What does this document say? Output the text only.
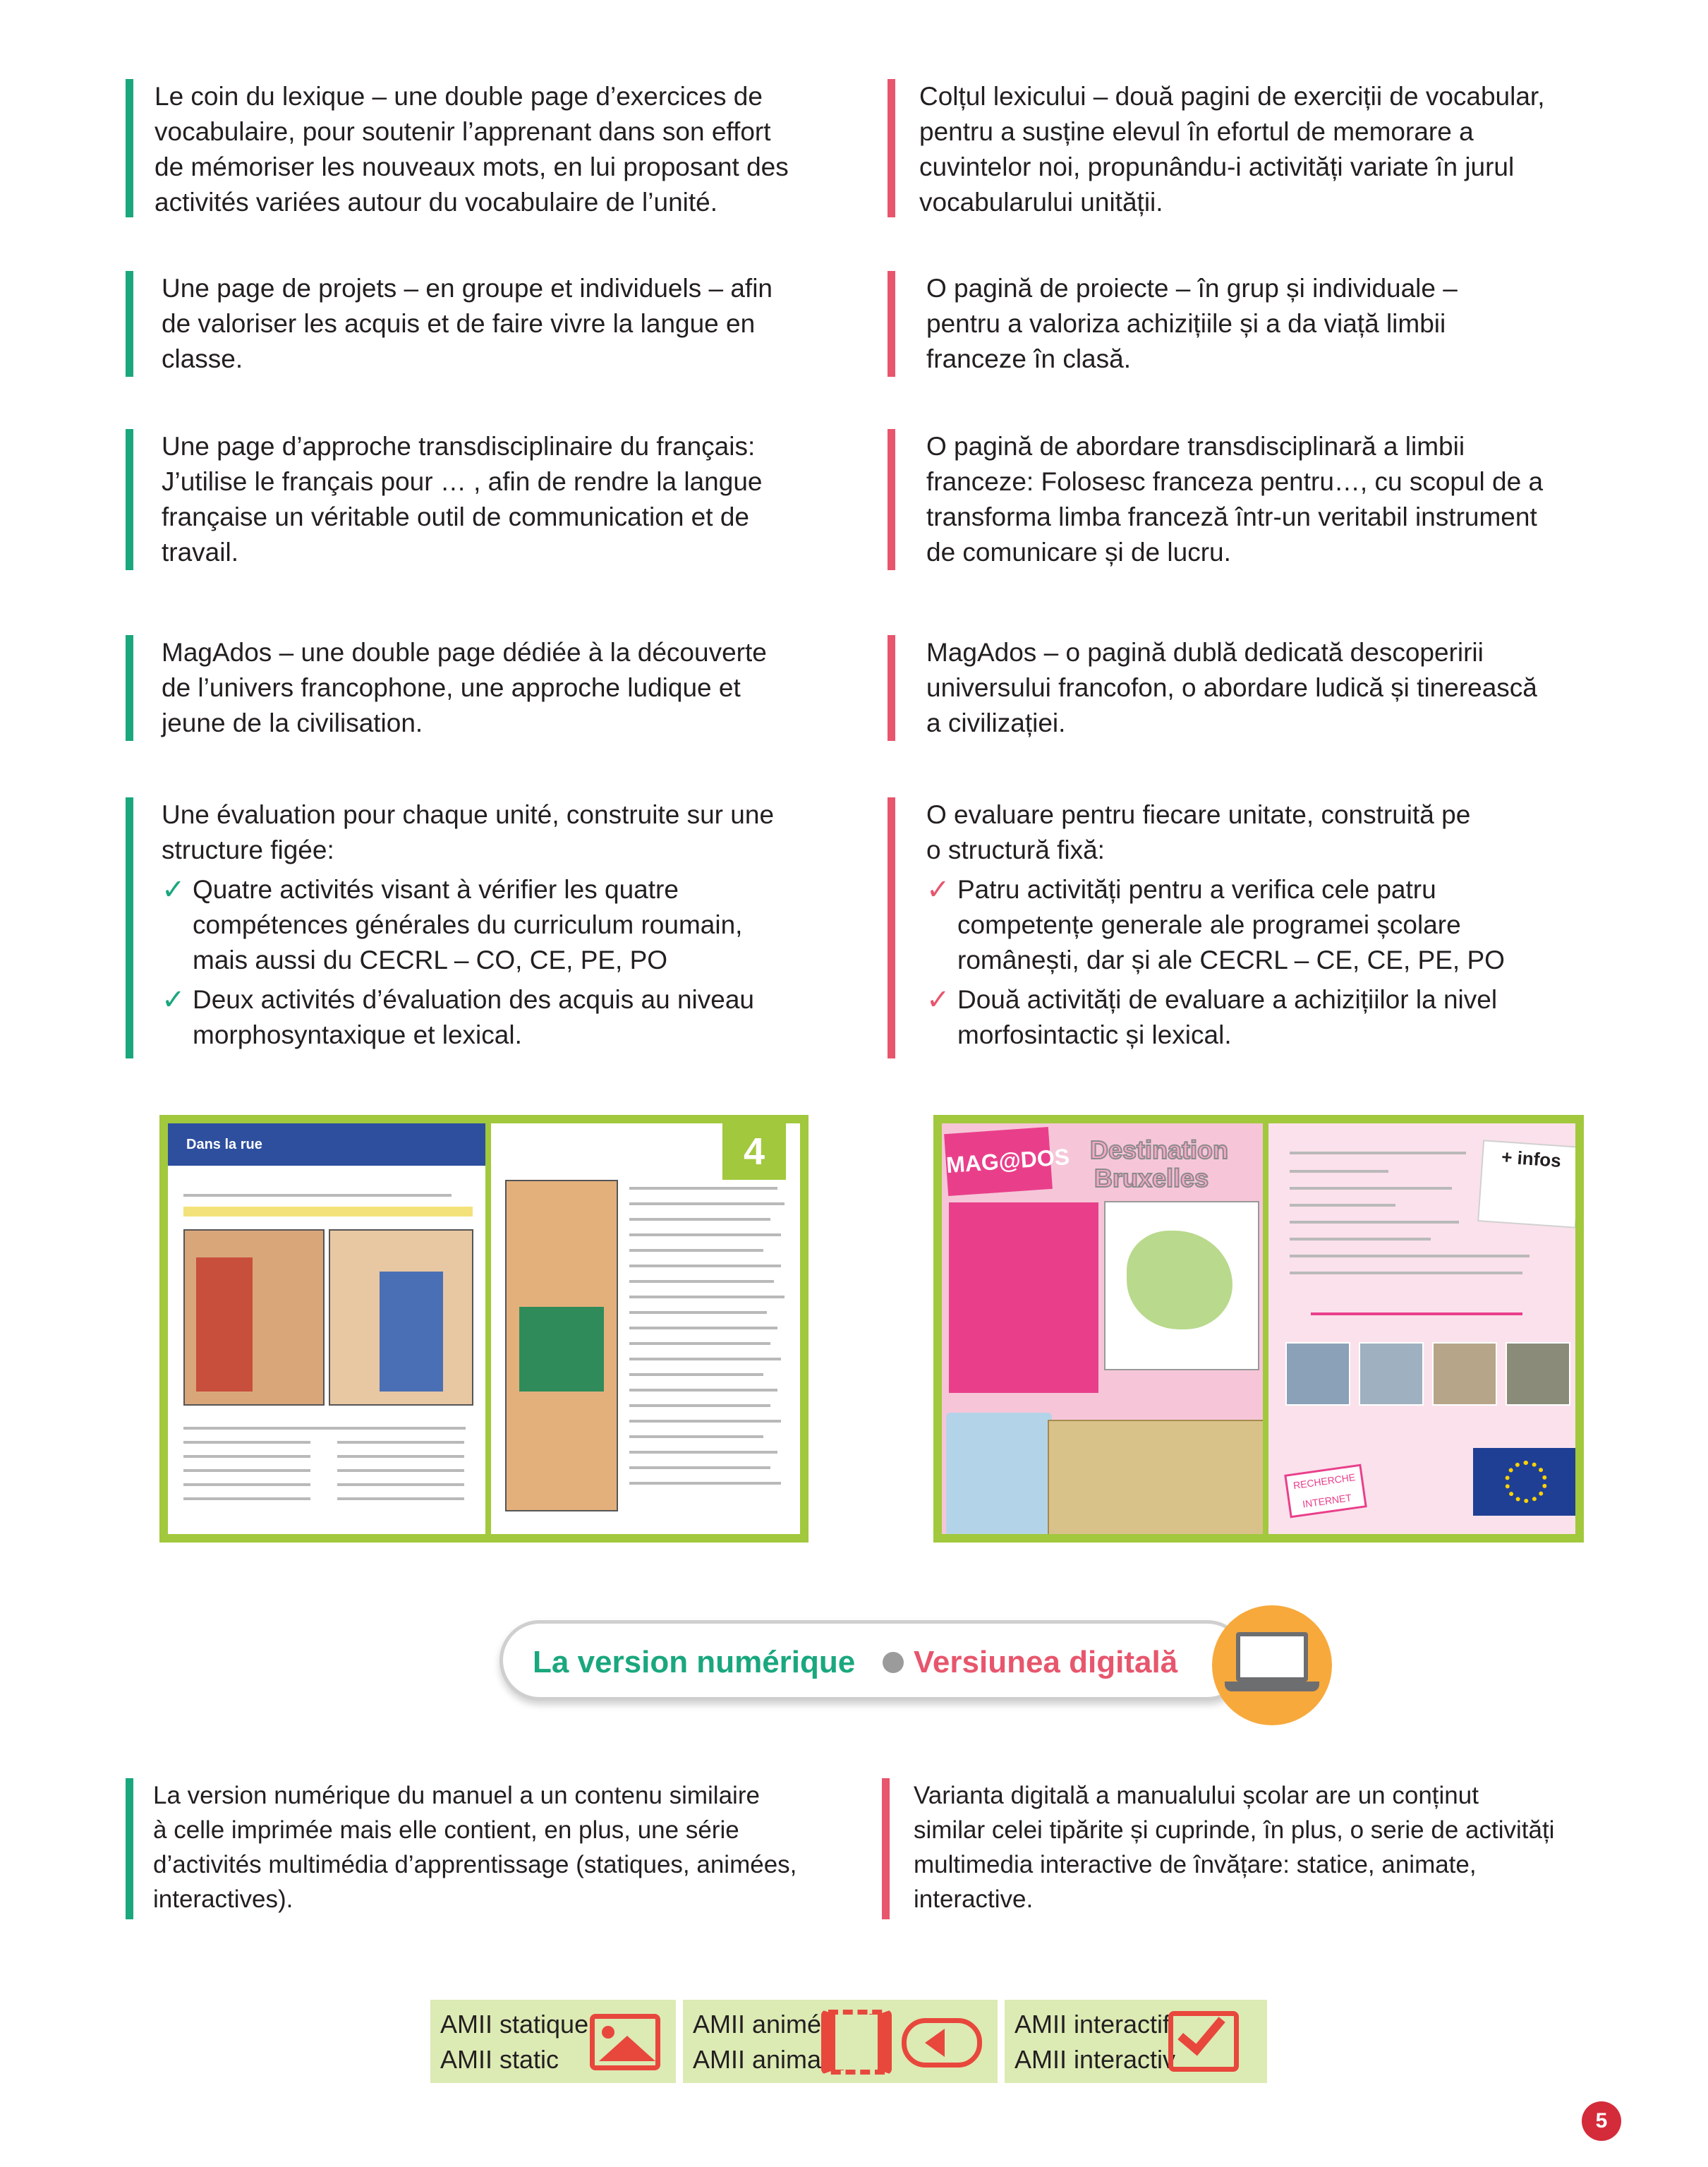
Le coin du lexique – une double page d’exercices de

vocabulaire, pour soutenir l’apprenant dans son effort

de mémoriser les nouveaux mots, en lui proposant des

activités variées autour du vocabulaire de l’unité.

Colțul lexicului – două pagini de exerciții de vocabular,

pentru a susține elevul în efortul de memorare a

cuvintelor noi, propunându-i activități variate în jurul

vocabularului unității.

Une page de projets – en groupe et individuels – afin

de valoriser les acquis et de faire vivre la langue en

classe.

O pagină de proiecte – în grup și individuale –

pentru a valoriza achizițiile și a da viață limbii

franceze în clasă.

Une page d’approche transdisciplinaire du français:

J’utilise le français pour … , afin de rendre la langue

française un véritable outil de communication et de

travail.

O pagină de abordare transdisciplinară a limbii

franceze: Folosesc franceza pentru…, cu scopul de a

transforma limba franceză într-un veritabil instrument

de comunicare și de lucru.

MagAdos – une double page dédiée à la découverte

de l’univers francophone, une approche ludique et

jeune de la civilisation.

MagAdos – o pagină dublă dedicată descoperirii

universului francofon, o abordare ludică și tinerească

a civilizației.

Une évaluation pour chaque unité, construite sur une

structure figée:

✓ Quatre activités visant à vérifier les quatre

compétences générales du curriculum roumain,

mais aussi du CECRL – CO, CE, PE, PO

✓ Deux activités d’évaluation des acquis au niveau

morphosyntaxique et lexical.

O evaluare pentru fiecare unitate, construită pe

o structură fixă:

✓ Patru activități pentru a verifica cele patru

competențe generale ale programei școlare

românești, dar și ale CECRL – CE, CE, PE, PO

✓ Două activități de evaluare a achizițiilor la nivel

morfosintactic și lexical.

Dans la rue	4	MAG@DOS Destination
Bruxelles
+ infos
RECHERCHE INTERNET
La version numérique Versiunea digitală

La version numérique du manuel a un contenu similaire

à celle imprimée mais elle contient, en plus, une série

d’activités multimédia d’apprentissage (statiques, animées,

interactives).

Varianta digitală a manualului școlar are un conținut

similar celei tipărite și cuprinde, în plus, o serie de activități

multimedia interactive de învățare: statice, animate,

interactive.

AMII statique
AMII static
AMII animé
AMII animat
AMII interactif
AMII interactiv
5
